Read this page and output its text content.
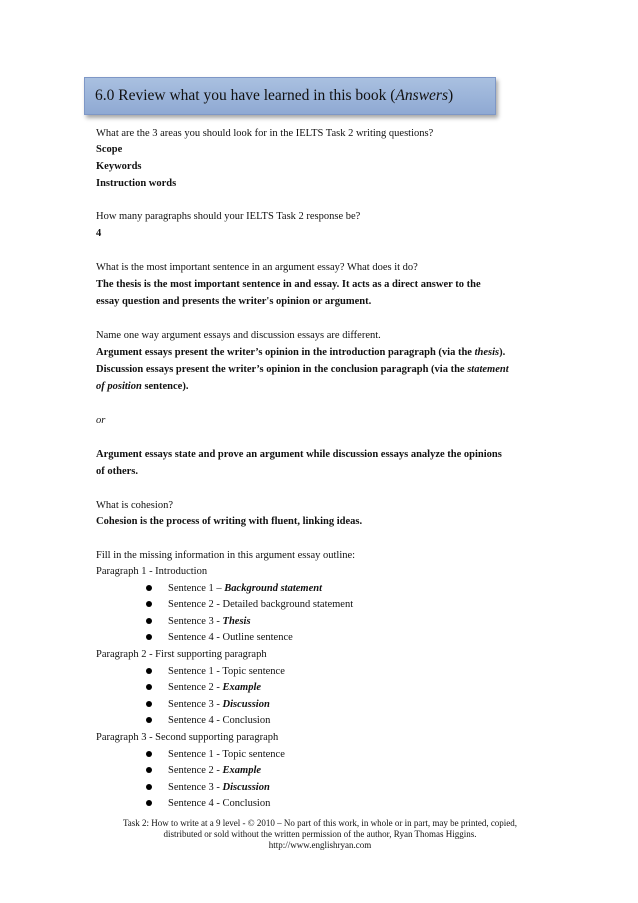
6.0 Review what you have learned in this book (Answers)
What are the 3 areas you should look for in the IELTS Task 2 writing questions?
Scope
Keywords
Instruction words
How many paragraphs should your IELTS Task 2 response be?
4
What is the most important sentence in an argument essay? What does it do?
The thesis is the most important sentence in and essay. It acts as a direct answer to the
essay question and presents the writer's opinion or argument.
Name one way argument essays and discussion essays are different.
Argument essays present the writer’s opinion in the introduction paragraph (via the thesis).
Discussion essays present the writer’s opinion in the conclusion paragraph (via the statement
of position sentence).
or
Argument essays state and prove an argument while discussion essays analyze the opinions
of others.
What is cohesion?
Cohesion is the process of writing with fluent, linking ideas.
Fill in the missing information in this argument essay outline:
Paragraph 1 - Introduction
Sentence 1 – Background statement
Sentence 2 - Detailed background statement
Sentence 3 - Thesis
Sentence 4 - Outline sentence
Paragraph 2 - First supporting paragraph
Sentence 1 - Topic sentence
Sentence 2 - Example
Sentence 3 - Discussion
Sentence 4 - Conclusion
Paragraph 3 - Second supporting paragraph
Sentence 1 - Topic sentence
Sentence 2 - Example
Sentence 3 - Discussion
Sentence 4 - Conclusion
Task 2: How to write at a 9 level - © 2010 – No part of this work, in whole or in part, may be printed, copied,
distributed or sold without the written permission of the author, Ryan Thomas Higgins.
http://www.englishryan.com
